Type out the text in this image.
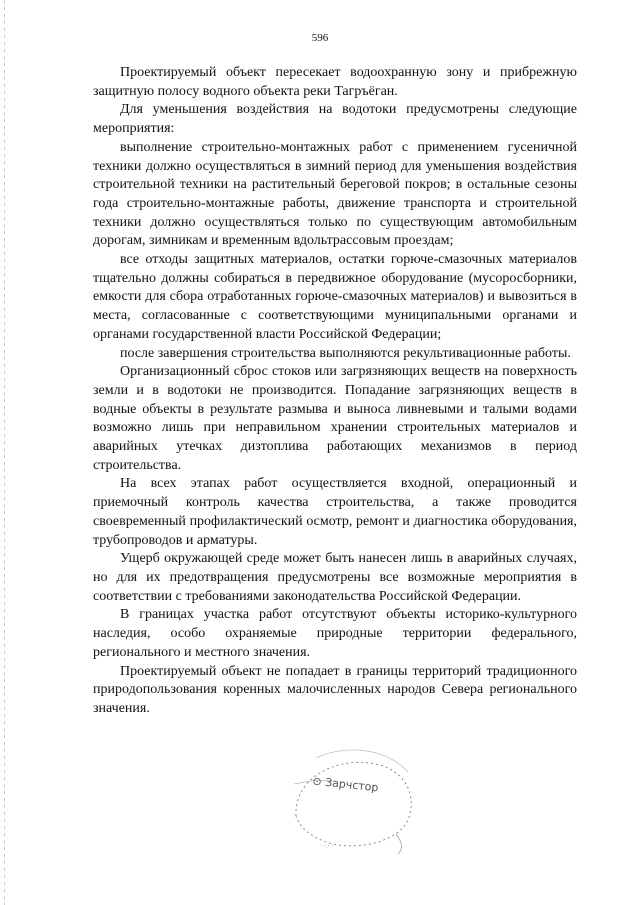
596

Проектируемый объект пересекает водоохранную зону и прибрежную защитную полосу водного объекта реки Тагръёган.

Для уменьшения воздействия на водотоки предусмотрены следующие мероприятия:

выполнение строительно-монтажных работ с применением гусеничной техники должно осуществляться в зимний период для уменьшения воздействия строительной техники на растительный береговой покров; в остальные сезоны года строительно-монтажные работы, движение транспорта и строительной техники должно осуществляться только по существующим автомобильным дорогам, зимникам и временным вдольтрассовым проездам;

все отходы защитных материалов, остатки горюче-смазочных материалов тщательно должны собираться в передвижное оборудование (мусоросборники, емкости для сбора отработанных горюче-смазочных материалов) и вывозиться в места, согласованные с соответствующими муниципальными органами и органами государственной власти Российской Федерации;

после завершения строительства выполняются рекультивационные работы.

Организационный сброс стоков или загрязняющих веществ на поверхность земли и в водотоки не производится. Попадание загрязняющих веществ в водные объекты в результате размыва и выноса ливневыми и талыми водами возможно лишь при неправильном хранении строительных материалов и аварийных утечках дизтоплива работающих механизмов в период строительства.

На всех этапах работ осуществляется входной, операционный и приемочный контроль качества строительства, а также проводится своевременный профилактический осмотр, ремонт и диагностика оборудования, трубопроводов и арматуры.

Ущерб окружающей среде может быть нанесен лишь в аварийных случаях, но для их предотвращения предусмотрены все возможные мероприятия в соответствии с требованиями законодательства Российской Федерации.

В границах участка работ отсутствуют объекты историко-культурного наследия, особо охраняемые природные территории федерального, регионального и местного значения.

Проектируемый объект не попадает в границы территорий традиционного природопользования коренных малочисленных народов Севера регионального значения.

⊙ Зарчстор
· ·.· ·
